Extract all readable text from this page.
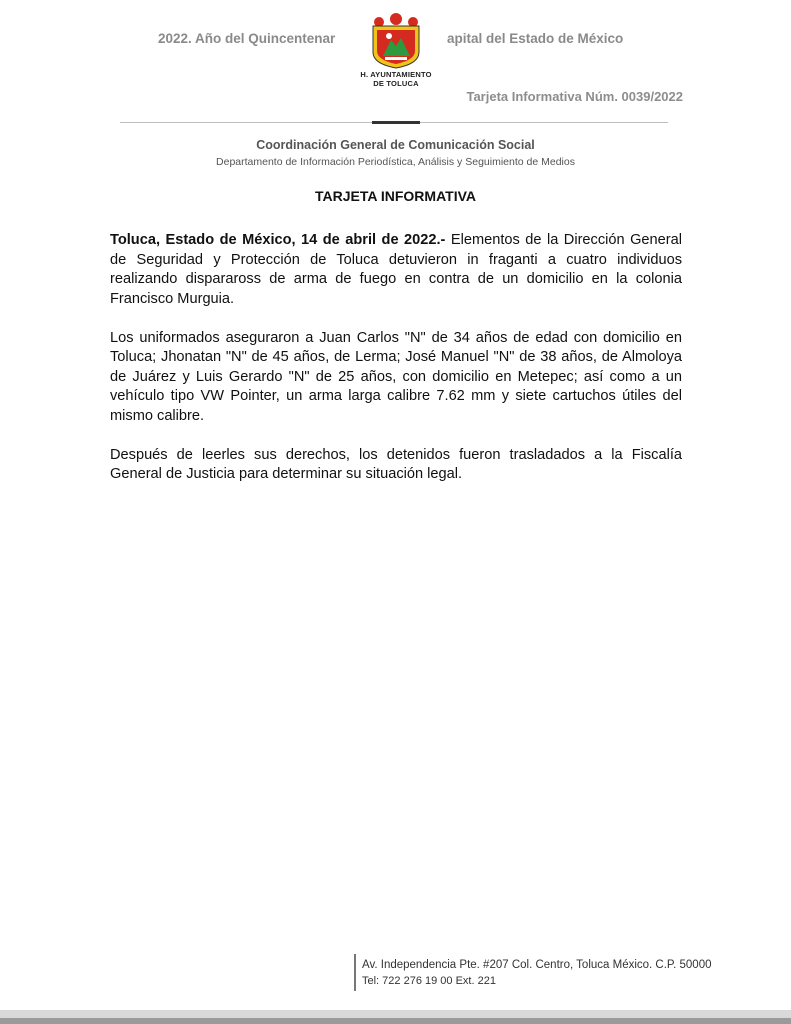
2022. Año del Quincentenar	apital del Estado de México
H. AYUNTAMIENTO
DE TOLUCA
Tarjeta Informativa Núm. 0039/2022
Coordinación General de Comunicación Social
Departamento de Información Periodística, Análisis y Seguimiento de Medios
TARJETA INFORMATIVA

Toluca, Estado de México, 14 de abril de 2022.- Elementos de la Dirección General de Seguridad y Protección de Toluca detuvieron in fraganti a cuatro individuos realizando disparaross de arma de fuego en contra de un domicilio en la colonia Francisco Murguia.

Los uniformados aseguraron a Juan Carlos "N" de 34 años de edad con domicilio en Toluca; Jhonatan "N" de 45 años, de Lerma; José Manuel "N" de 38 años, de Almoloya de Juárez y Luis Gerardo "N" de 25 años, con domicilio en Metepec; así como a un vehículo tipo VW Pointer, un arma larga calibre 7.62 mm y siete cartuchos útiles del mismo calibre.

Después de leerles sus derechos, los detenidos fueron trasladados a la Fiscalía General de Justicia para determinar su situación legal.

Av. Independencia Pte. #207 Col. Centro, Toluca México. C.P. 50000
Tel: 722 276 19 00 Ext. 221
